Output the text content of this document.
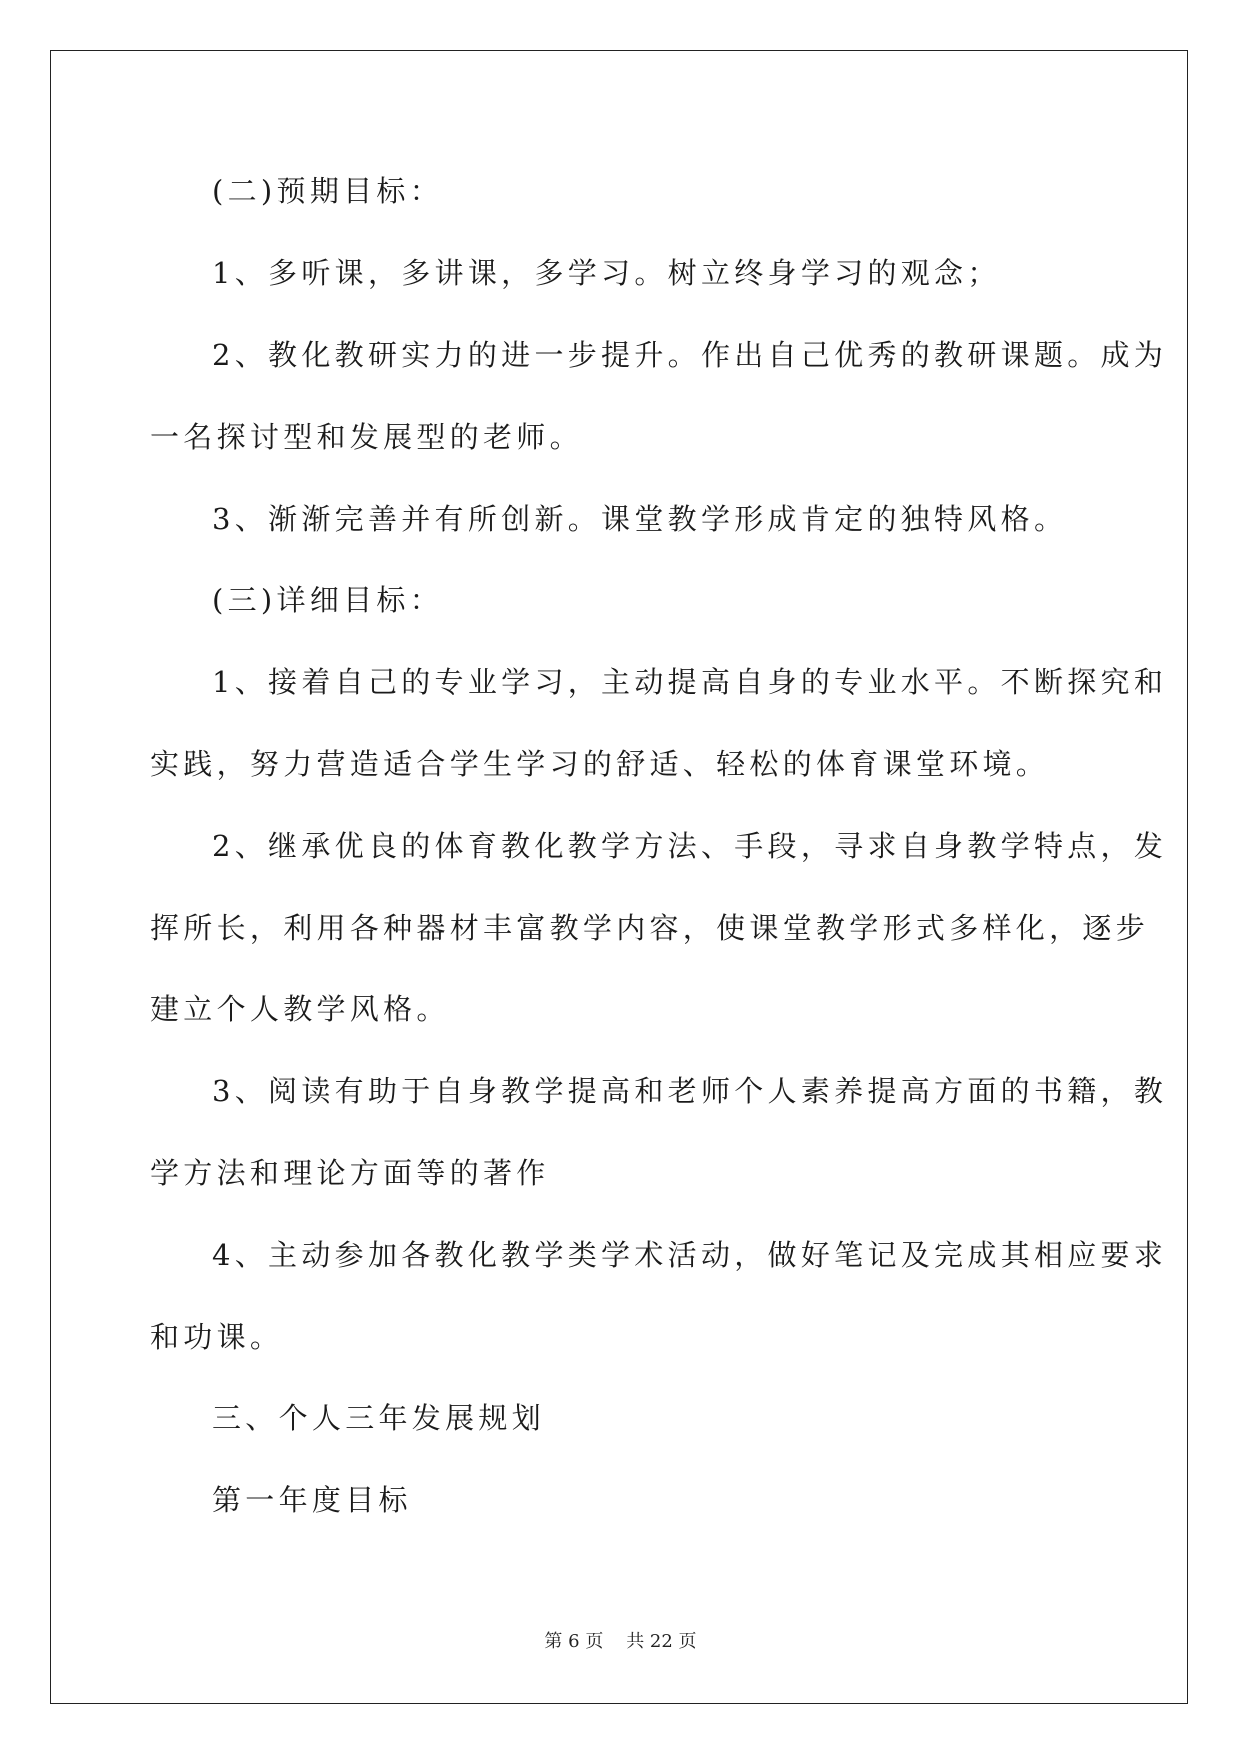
(二)预期目标：
1、多听课，多讲课，多学习。树立终身学习的观念；
2、教化教研实力的进一步提升。作出自己优秀的教研课题。成为
一名探讨型和发展型的老师。
3、渐渐完善并有所创新。课堂教学形成肯定的独特风格。
(三)详细目标：
1、接着自己的专业学习，主动提高自身的专业水平。不断探究和
实践，努力营造适合学生学习的舒适、轻松的体育课堂环境。
2、继承优良的体育教化教学方法、手段，寻求自身教学特点，发
挥所长，利用各种器材丰富教学内容，使课堂教学形式多样化，逐步
建立个人教学风格。
3、阅读有助于自身教学提高和老师个人素养提高方面的书籍，教
学方法和理论方面等的著作
4、主动参加各教化教学类学术活动，做好笔记及完成其相应要求
和功课。
三、个人三年发展规划
第一年度目标
第 6 页    共 22 页
